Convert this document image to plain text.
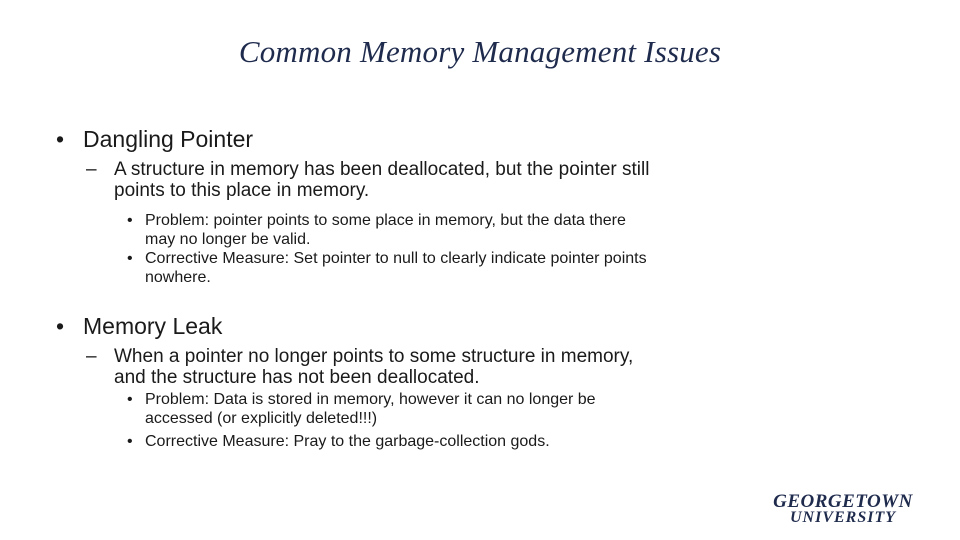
Common Memory Management Issues
• Dangling Pointer
– A structure in memory has been deallocated, but the pointer still points to this place in memory.
• Problem: pointer points to some place in memory, but the data there may no longer be valid.
• Corrective Measure: Set pointer to null to clearly indicate pointer points nowhere.
• Memory Leak
– When a pointer no longer points to some structure in memory, and the structure has not been deallocated.
• Problem: Data is stored in memory, however it can no longer be accessed (or explicitly deleted!!!)
• Corrective Measure: Pray to the garbage-collection gods.
GEORGETOWN
UNIVERSITY
